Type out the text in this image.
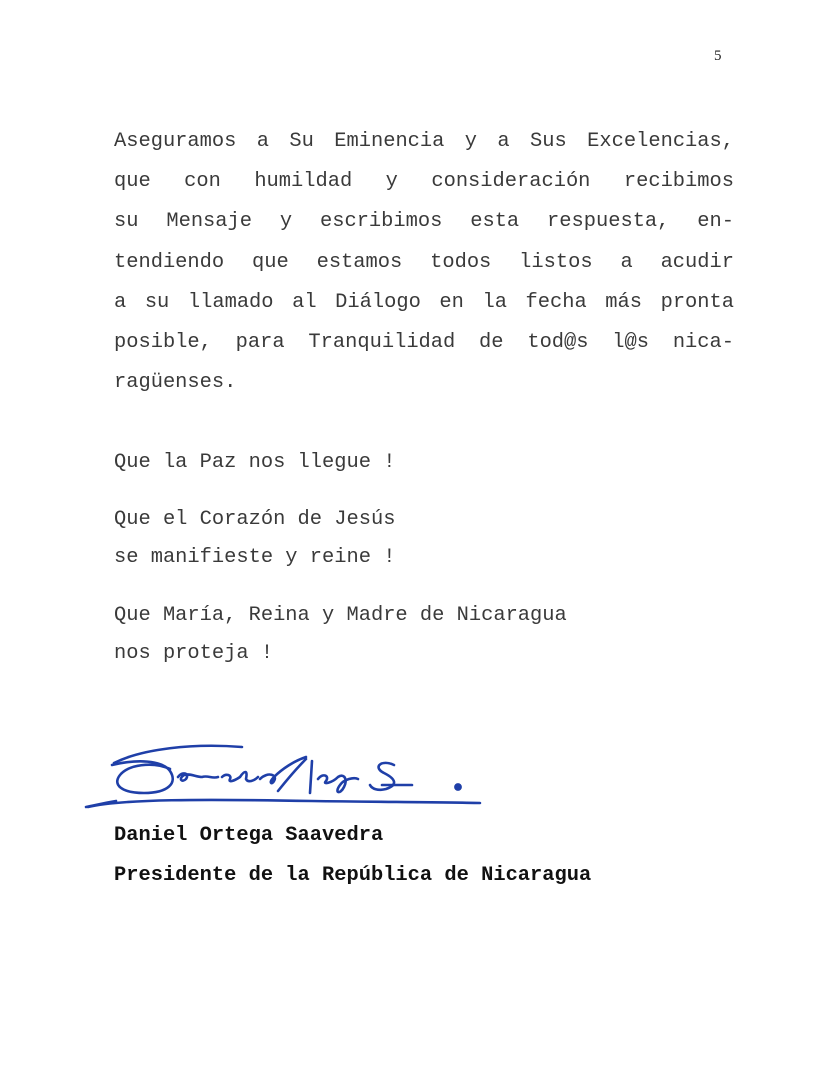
5
Aseguramos a Su Eminencia y a Sus Excelencias,
que con humildad y consideración recibimos
su Mensaje y escribimos esta respuesta, en-
tendiendo que estamos todos listos a acudir
a su llamado al Diálogo en la fecha más pronta
posible, para Tranquilidad de tod@s l@s nica-
ragüenses.
Que la Paz nos llegue !
Que el Corazón de Jesús
se manifieste y reine !
Que María, Reina y Madre de Nicaragua
nos proteja !
Daniel Ortega Saavedra
Presidente de la República de Nicaragua
